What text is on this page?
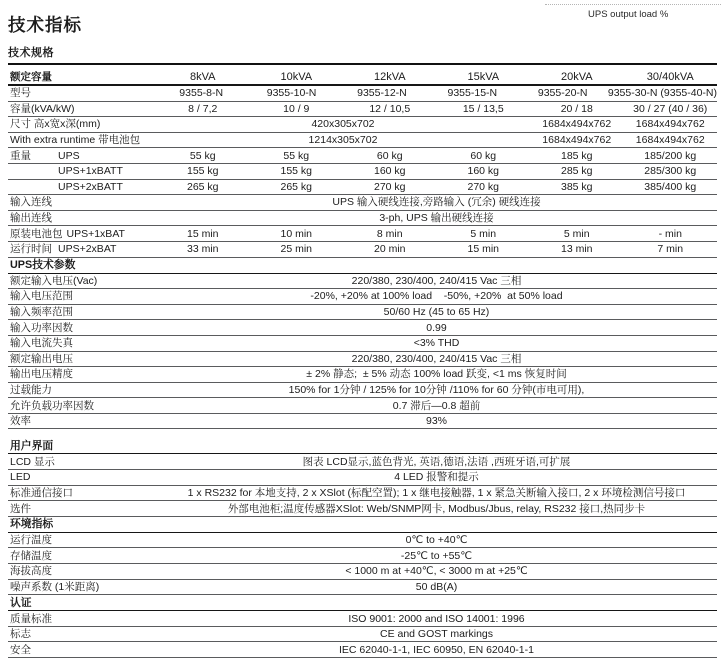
UPS output load %
技术指标
技术规格
额定容量	8kVA	10kVA	12kVA	15kVA	20kVA	30/40kVA
型号	9355-8-N	9355-10-N	9355-12-N	9355-15-N	9355-20-N	9355-30-N (9355-40-N)
容量(kVA/kW)	8 / 7,2	10 / 9	12 / 10,5	15 / 13,5	20 / 18	30 / 27 (40 / 36)
尺寸 高x宽x深(mm)	420x305x702	1684x494x762	1684x494x762
With extra runtime 带电池包	1214x305x702	1684x494x762	1684x494x762
重量	UPS	55 kg	55 kg	60 kg	60 kg	185 kg	185/200 kg
UPS+1xBATT	155 kg	155 kg	160 kg	160 kg	285 kg	285/300 kg
UPS+2xBATT	265 kg	265 kg	270 kg	270 kg	385 kg	385/400 kg
输入连线	UPS 输入硬线连接,旁路输入 (冗余) 硬线连接
输出连线	3-ph, UPS 输出硬线连接
原装电池包 UPS+1xBAT	15 min	10 min	8 min	5 min	5 min	- min
运行时间 UPS+2xBAT	33 min	25 min	20 min	15 min	13 min	7 min
UPS技术参数
额定输入电压(Vac)	220/380, 230/400, 240/415 Vac 三相
输入电压范围	-20%, +20% at 100% load    -50%, +20%  at 50% load
输入频率范围	50/60 Hz (45 to 65 Hz)
输入功率因数	0.99
输入电流失真	<3% THD
额定输出电压	220/380, 230/400, 240/415 Vac 三相
输出电压精度	± 2% 静态;  ± 5% 动态 100% load 跃变, <1 ms 恢复时间
过载能力	150% for 1分钟 / 125% for 10分钟 /110% for 60 分钟(市电可用),
允许负载功率因数	0.7 滞后—0.8 超前
效率	93%
用户界面
LCD 显示	图表 LCD显示,蓝色背光, 英语,德语,法语 ,西班牙语,可扩展
LED	4 LED 报警和提示
标准通信接口	1 x RS232 for 本地支持, 2 x XSlot (标配空置); 1 x 继电接触器, 1 x 紧急关断输入接口, 2 x 环境检测信号接口
选件	外部电池柜;温度传感器XSlot: Web/SNMP网卡, Modbus/Jbus, relay, RS232 接口,热同步卡
环境指标
运行温度	0℃ to +40℃
存储温度	-25℃ to +55℃
海拔高度	< 1000 m at +40℃, < 3000 m at +25℃
噪声系数 (1米距离)	50 dB(A)
认证
质量标准	ISO 9001: 2000 and ISO 14001: 1996
标志	CE and GOST markings
安全	IEC 62040-1-1, IEC 60950, EN 62040-1-1
